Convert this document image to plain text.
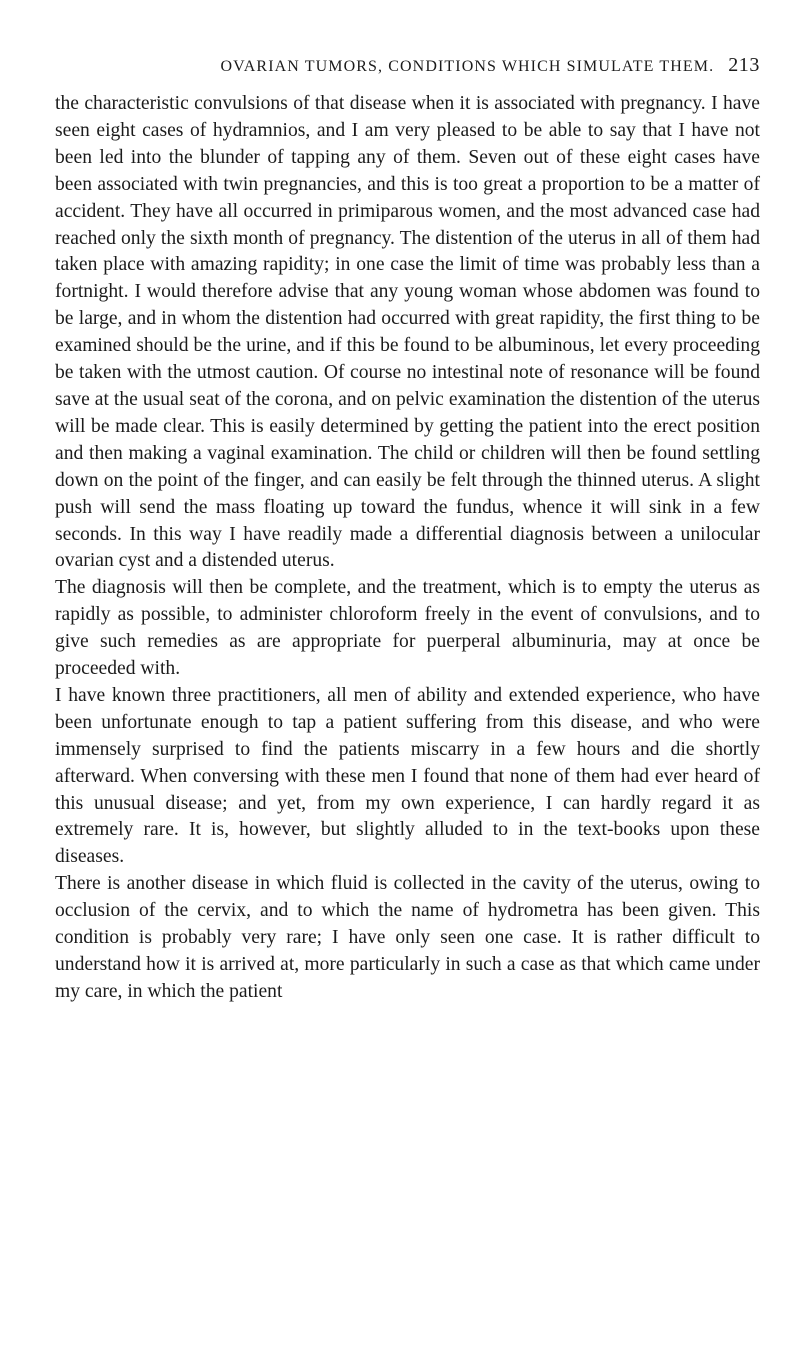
OVARIAN TUMORS, CONDITIONS WHICH SIMULATE THEM. 213

the characteristic convulsions of that disease when it is associated with pregnancy. I have seen eight cases of hydramnios, and I am very pleased to be able to say that I have not been led into the blunder of tapping any of them. Seven out of these eight cases have been associated with twin pregnancies, and this is too great a proportion to be a matter of accident. They have all occurred in primiparous women, and the most advanced case had reached only the sixth month of pregnancy. The distention of the uterus in all of them had taken place with amazing rapidity; in one case the limit of time was probably less than a fortnight. I would therefore advise that any young woman whose abdomen was found to be large, and in whom the distention had occurred with great rapidity, the first thing to be examined should be the urine, and if this be found to be albuminous, let every proceeding be taken with the utmost caution. Of course no intestinal note of resonance will be found save at the usual seat of the corona, and on pelvic examination the distention of the uterus will be made clear. This is easily determined by getting the patient into the erect position and then making a vaginal examination. The child or children will then be found settling down on the point of the finger, and can easily be felt through the thinned uterus. A slight push will send the mass floating up toward the fundus, whence it will sink in a few seconds. In this way I have readily made a differential diagnosis between a unilocular ovarian cyst and a distended uterus.

The diagnosis will then be complete, and the treatment, which is to empty the uterus as rapidly as possible, to administer chloroform freely in the event of convulsions, and to give such remedies as are appropriate for puerperal albuminuria, may at once be proceeded with.

I have known three practitioners, all men of ability and extended experience, who have been unfortunate enough to tap a patient suffering from this disease, and who were immensely surprised to find the patients miscarry in a few hours and die shortly afterward. When conversing with these men I found that none of them had ever heard of this unusual disease; and yet, from my own experience, I can hardly regard it as extremely rare. It is, however, but slightly alluded to in the text-books upon these diseases.

There is another disease in which fluid is collected in the cavity of the uterus, owing to occlusion of the cervix, and to which the name of hydrometra has been given. This condition is probably very rare; I have only seen one case. It is rather difficult to understand how it is arrived at, more particularly in such a case as that which came under my care, in which the patient
